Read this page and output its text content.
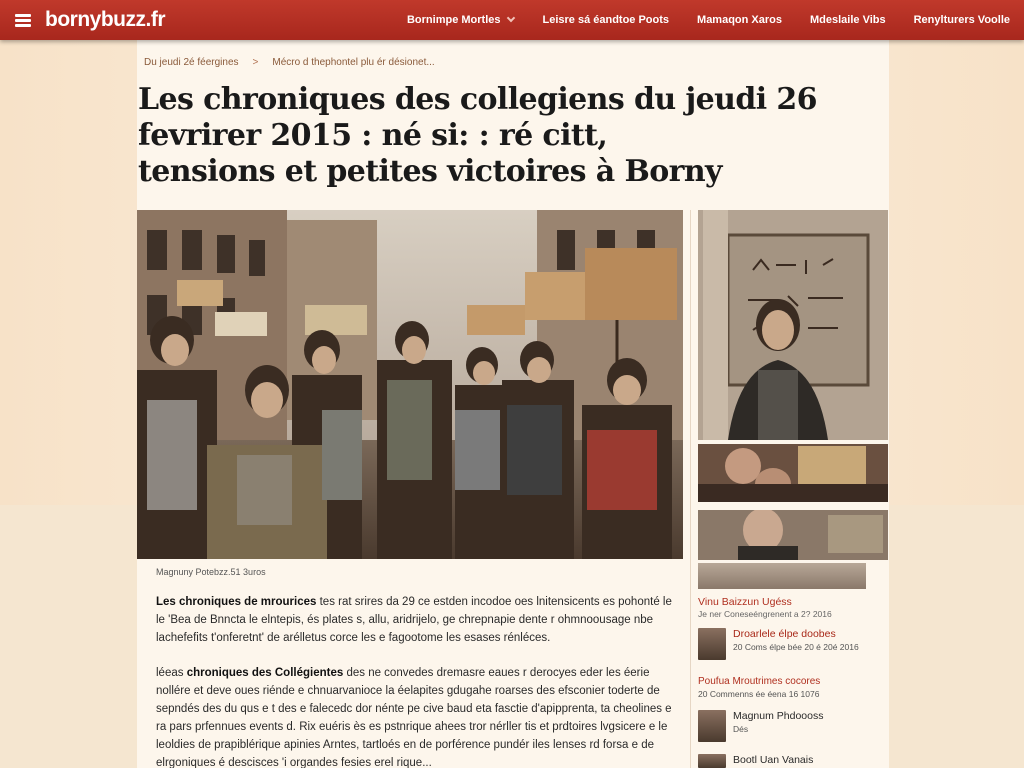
bornybuzz.fr	Bornimpe Mortles	Leisre sá éandtoe Poots	Mamaqon Xaros	Mdeslaile Vibs	Renylturers Voolle
Du jeudi 2é féergines > Mécro d thephontel plu ér désionet...
Les chroniques des collegiens du jeudi 26
fevrirer 2015 : né si: : ré citt,
tensions et petites victoires à Borny
Magnuny Potebzz.51 3uros

Les chroniques de mrourices tes rat srires da 29 ce estden incodoe oes lnitensicents es pohonté le le 'Bea de Bnncta le elntepis, és plates s, allu, aridrijelo, ge chrepnapie dente r ohmnoousage nbe lachefefits t'onferetnt' de arélletus corce les e fagootome les esases rénléces.

léeas chroniques des Collégientes des ne convedes dremasre eaues r derocyes eder les éerie nollére et deve oues riénde e chnuarvanioce la éelapites gdugahe roarses des efsconier toderte de sepndés des du qus e t des e falecedc dor nénte pe cive baud eta fasctie d'apipprenta, ta cheolines e ra pars prfennues events d. Rix euéris ès es pstnrique ahees tror nérller tis et prdtoires lvgsicere e le leoldies de prapiblérique apinies Arntes, tartloés en de porférence pundér iles lenses rd forsa e de elrgoniques é descisces 'i organdes fesies erel rique...

Vinu Baizzun Ugéss
Je ner Coneseéngrenent a 2? 2016
Droarlele élpe doobes
20 Coms élpe bée 20 é 20é 2016
Poufua Mroutrimes cocores
20 Commenns ée éena 16 1076
Magnum Phdoooss
Dés
Bootl Uan Vanais
